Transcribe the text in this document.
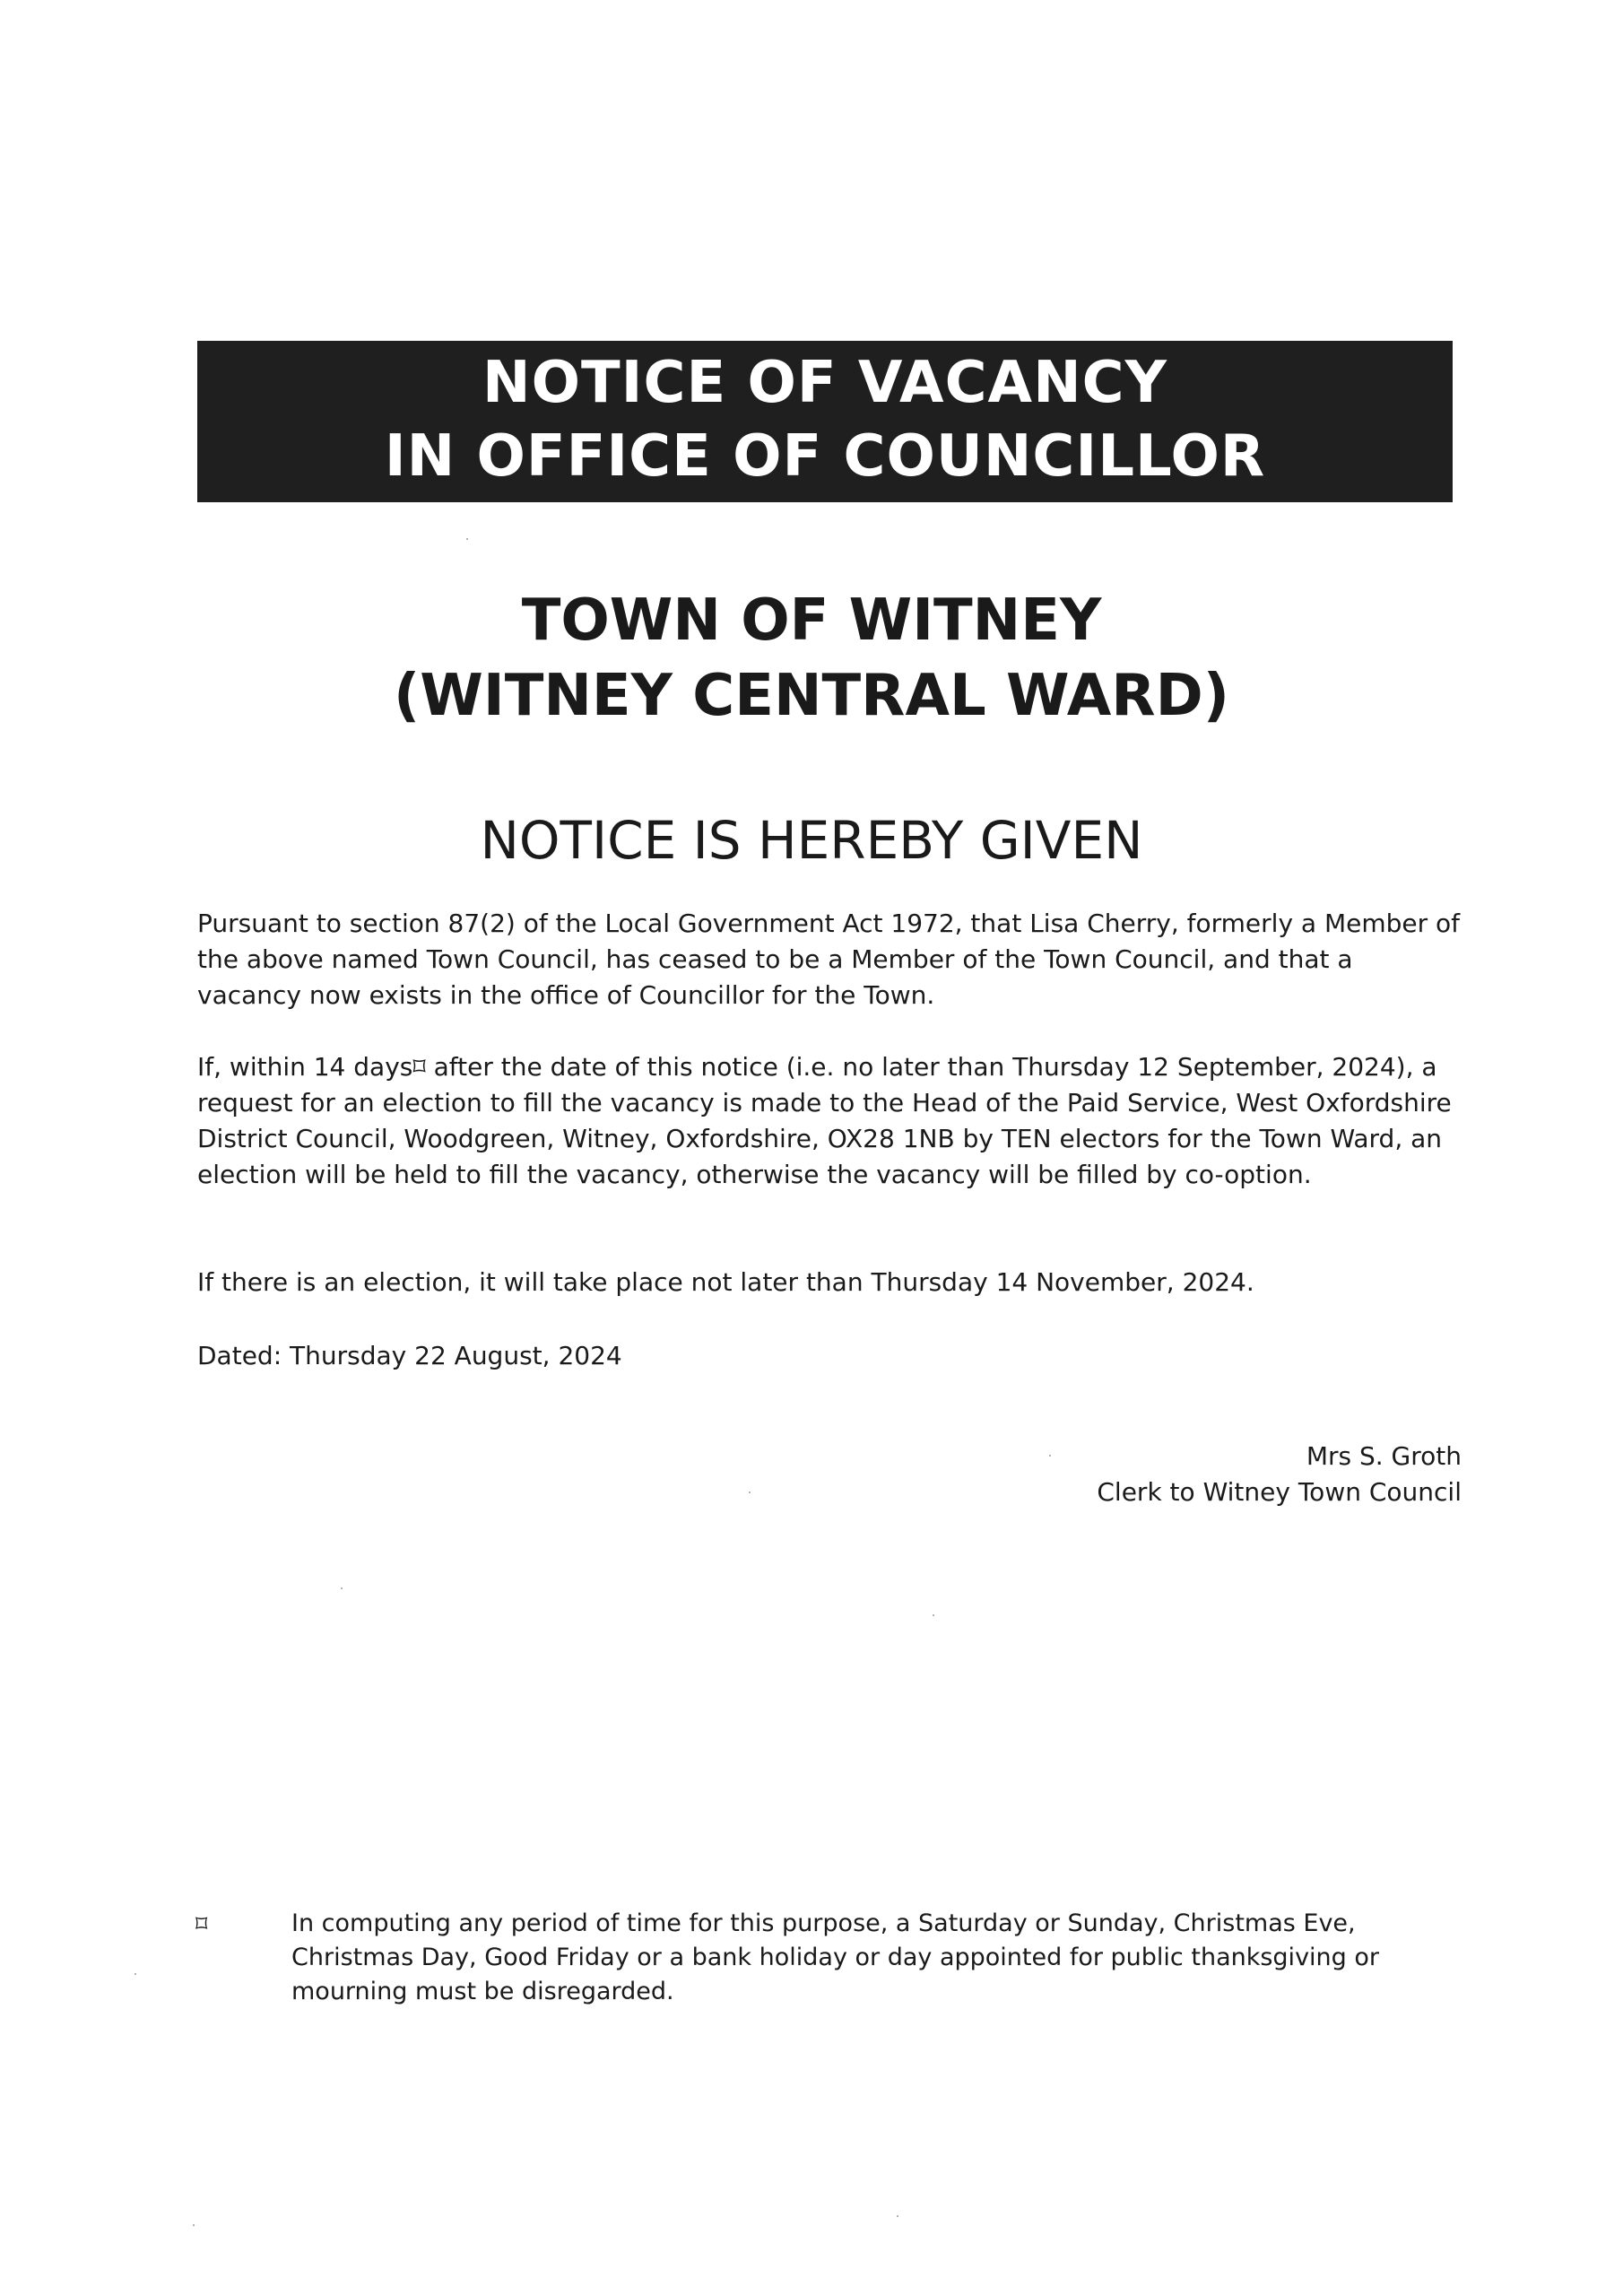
NOTICE OF VACANCY
IN OFFICE OF COUNCILLOR
TOWN OF WITNEY
(WITNEY CENTRAL WARD)
NOTICE IS HEREBY GIVEN

Pursuant to section 87(2) of the Local Government Act 1972, that Lisa Cherry, formerly a Member of the above named Town Council, has ceased to be a Member of the Town Council, and that a vacancy now exists in the office of Councillor for the Town.

If, within 14 days⌑ after the date of this notice (i.e. no later than Thursday 12 September, 2024), a request for an election to fill the vacancy is made to the Head of the Paid Service, West Oxfordshire District Council, Woodgreen, Witney, Oxfordshire, OX28 1NB by TEN electors for the Town Ward, an election will be held to fill the vacancy, otherwise the vacancy will be filled by co-option.

If there is an election, it will take place not later than Thursday 14 November, 2024.

Dated: Thursday 22 August, 2024

Mrs S. Groth
Clerk to Witney Town Council
⌑	In computing any period of time for this purpose, a Saturday or Sunday, Christmas Eve, Christmas Day, Good Friday or a bank holiday or day appointed for public thanksgiving or mourning must be disregarded.
